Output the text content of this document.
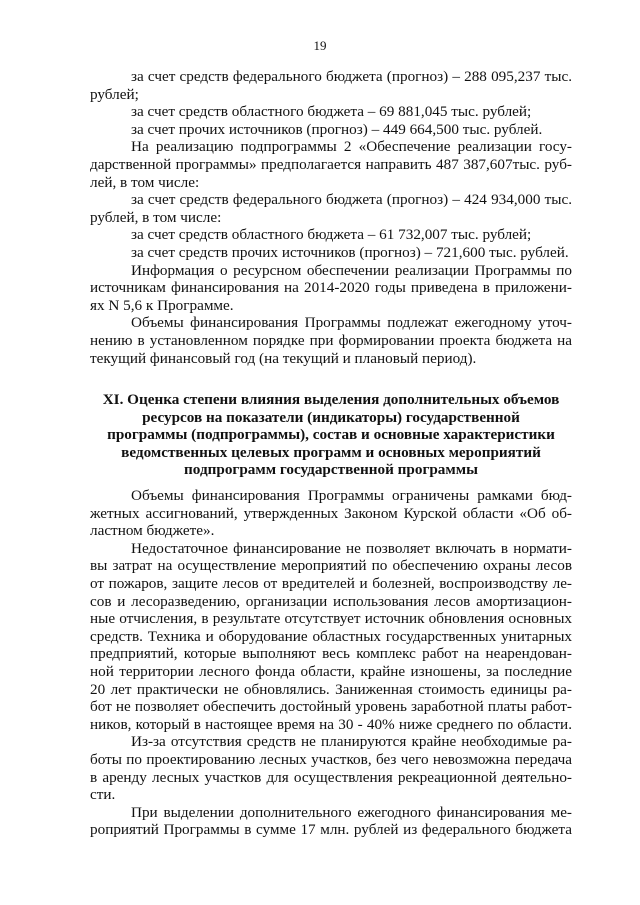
19
за счет средств федерального бюджета (прогноз) – 288 095,237 тыс.
рублей;
за счет средств областного бюджета – 69 881,045 тыс. рублей;
за счет прочих источников (прогноз) – 449 664,500 тыс. рублей.
На реализацию подпрограммы 2 «Обеспечение реализации госу-
дарственной программы» предполагается направить 487 387,607тыс. руб-
лей, в том числе:
за счет средств федерального бюджета (прогноз) – 424 934,000 тыс.
рублей, в том числе:
за счет средств областного бюджета – 61 732,007 тыс. рублей;
за счет средств прочих источников (прогноз) – 721,600 тыс. рублей.
Информация о ресурсном обеспечении реализации Программы по
источникам финансирования на 2014-2020 годы приведена в приложени-
ях N 5,6 к Программе.
Объемы финансирования Программы подлежат ежегодному уточ-
нению в установленном порядке при формировании проекта бюджета на
текущий финансовый год (на текущий и плановый период).
XI. Оценка степени влияния выделения дополнительных объемов
ресурсов на показатели (индикаторы) государственной
программы (подпрограммы), состав и основные характеристики
ведомственных целевых программ и основных мероприятий
подпрограмм государственной программы
Объемы финансирования Программы ограничены рамками бюд-
жетных ассигнований, утвержденных Законом Курской области «Об об-
ластном бюджете».
Недостаточное финансирование не позволяет включать в нормати-
вы затрат на осуществление мероприятий по обеспечению охраны лесов
от пожаров, защите лесов от вредителей и болезней, воспроизводству ле-
сов и лесоразведению, организации использования лесов амортизацион-
ные отчисления, в результате отсутствует источник обновления основных
средств. Техника и оборудование областных государственных унитарных
предприятий, которые выполняют весь комплекс работ на неарендован-
ной территории лесного фонда области, крайне изношены, за последние
20 лет практически не обновлялись. Заниженная стоимость единицы ра-
бот не позволяет обеспечить достойный уровень заработной платы работ-
ников, который в настоящее время на 30 - 40% ниже среднего по области.
Из-за отсутствия средств не планируются крайне необходимые ра-
боты по проектированию лесных участков, без чего невозможна передача
в аренду лесных участков для осуществления рекреационной деятельно-
сти.
При выделении дополнительного ежегодного финансирования ме-
роприятий Программы в сумме 17 млн. рублей из федерального бюджета
